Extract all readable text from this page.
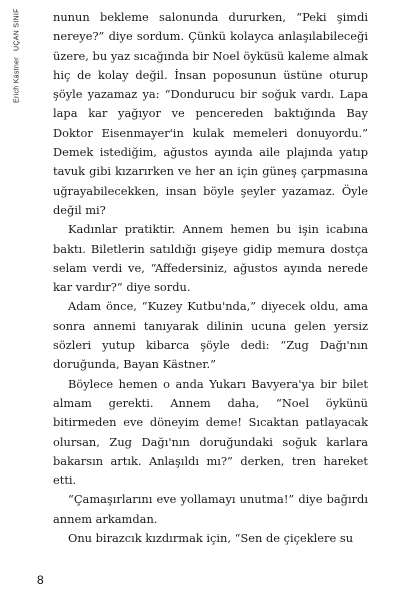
Erich Kästner
UÇAN SINIF	nunun bekleme salonunda dururken, “Peki şimdi nereye?” diye sordum. Çünkü kolayca anlaşılabileceği üzere, bu yaz sıcağında bir Noel öyküsü kaleme almak hiç de kolay değil. İnsan poposunun üstüne oturup şöyle yazamaz ya: “Dondurucu bir soğuk vardı. Lapa lapa kar yağıyor ve pencereden baktığında Bay Doktor Eisenmayer'in kulak memeleri donuyordu.” Demek istediğim, ağustos ayında aile plajında yatıp tavuk gibi kızarırken ve her an için güneş çarpmasına uğrayabilecekken, insan böyle şeyler yazamaz. Öyle değil mi?

Kadınlar pratiktir. Annem hemen bu işin icabına baktı. Biletlerin satıldığı gişeye gidip memura dostça selam verdi ve, “Affedersiniz, ağustos ayında nerede kar vardır?” diye sordu.

Adam önce, “Kuzey Kutbu'nda,” diyecek oldu, ama sonra annemi tanıyarak dilinin ucuna gelen yersiz sözleri yutup kibarca şöyle dedi: “Zug Dağı'nın doruğunda, Bayan Kästner.”

Böylece hemen o anda Yukarı Bavyera'ya bir bilet almam gerekti. Annem daha, “Noel öykünü bitirmeden eve döneyim deme! Sıcaktan patlayacak olursan, Zug Dağı'nın doruğundaki soğuk karlara bakarsın artık. Anlaşıldı mı?” derken, tren hareket etti.

“Çamaşırlarını eve yollamayı unutma!” diye bağırdı annem arkamdan.

Onu birazcık kızdırmak için, “Sen de çiçeklere su

8
